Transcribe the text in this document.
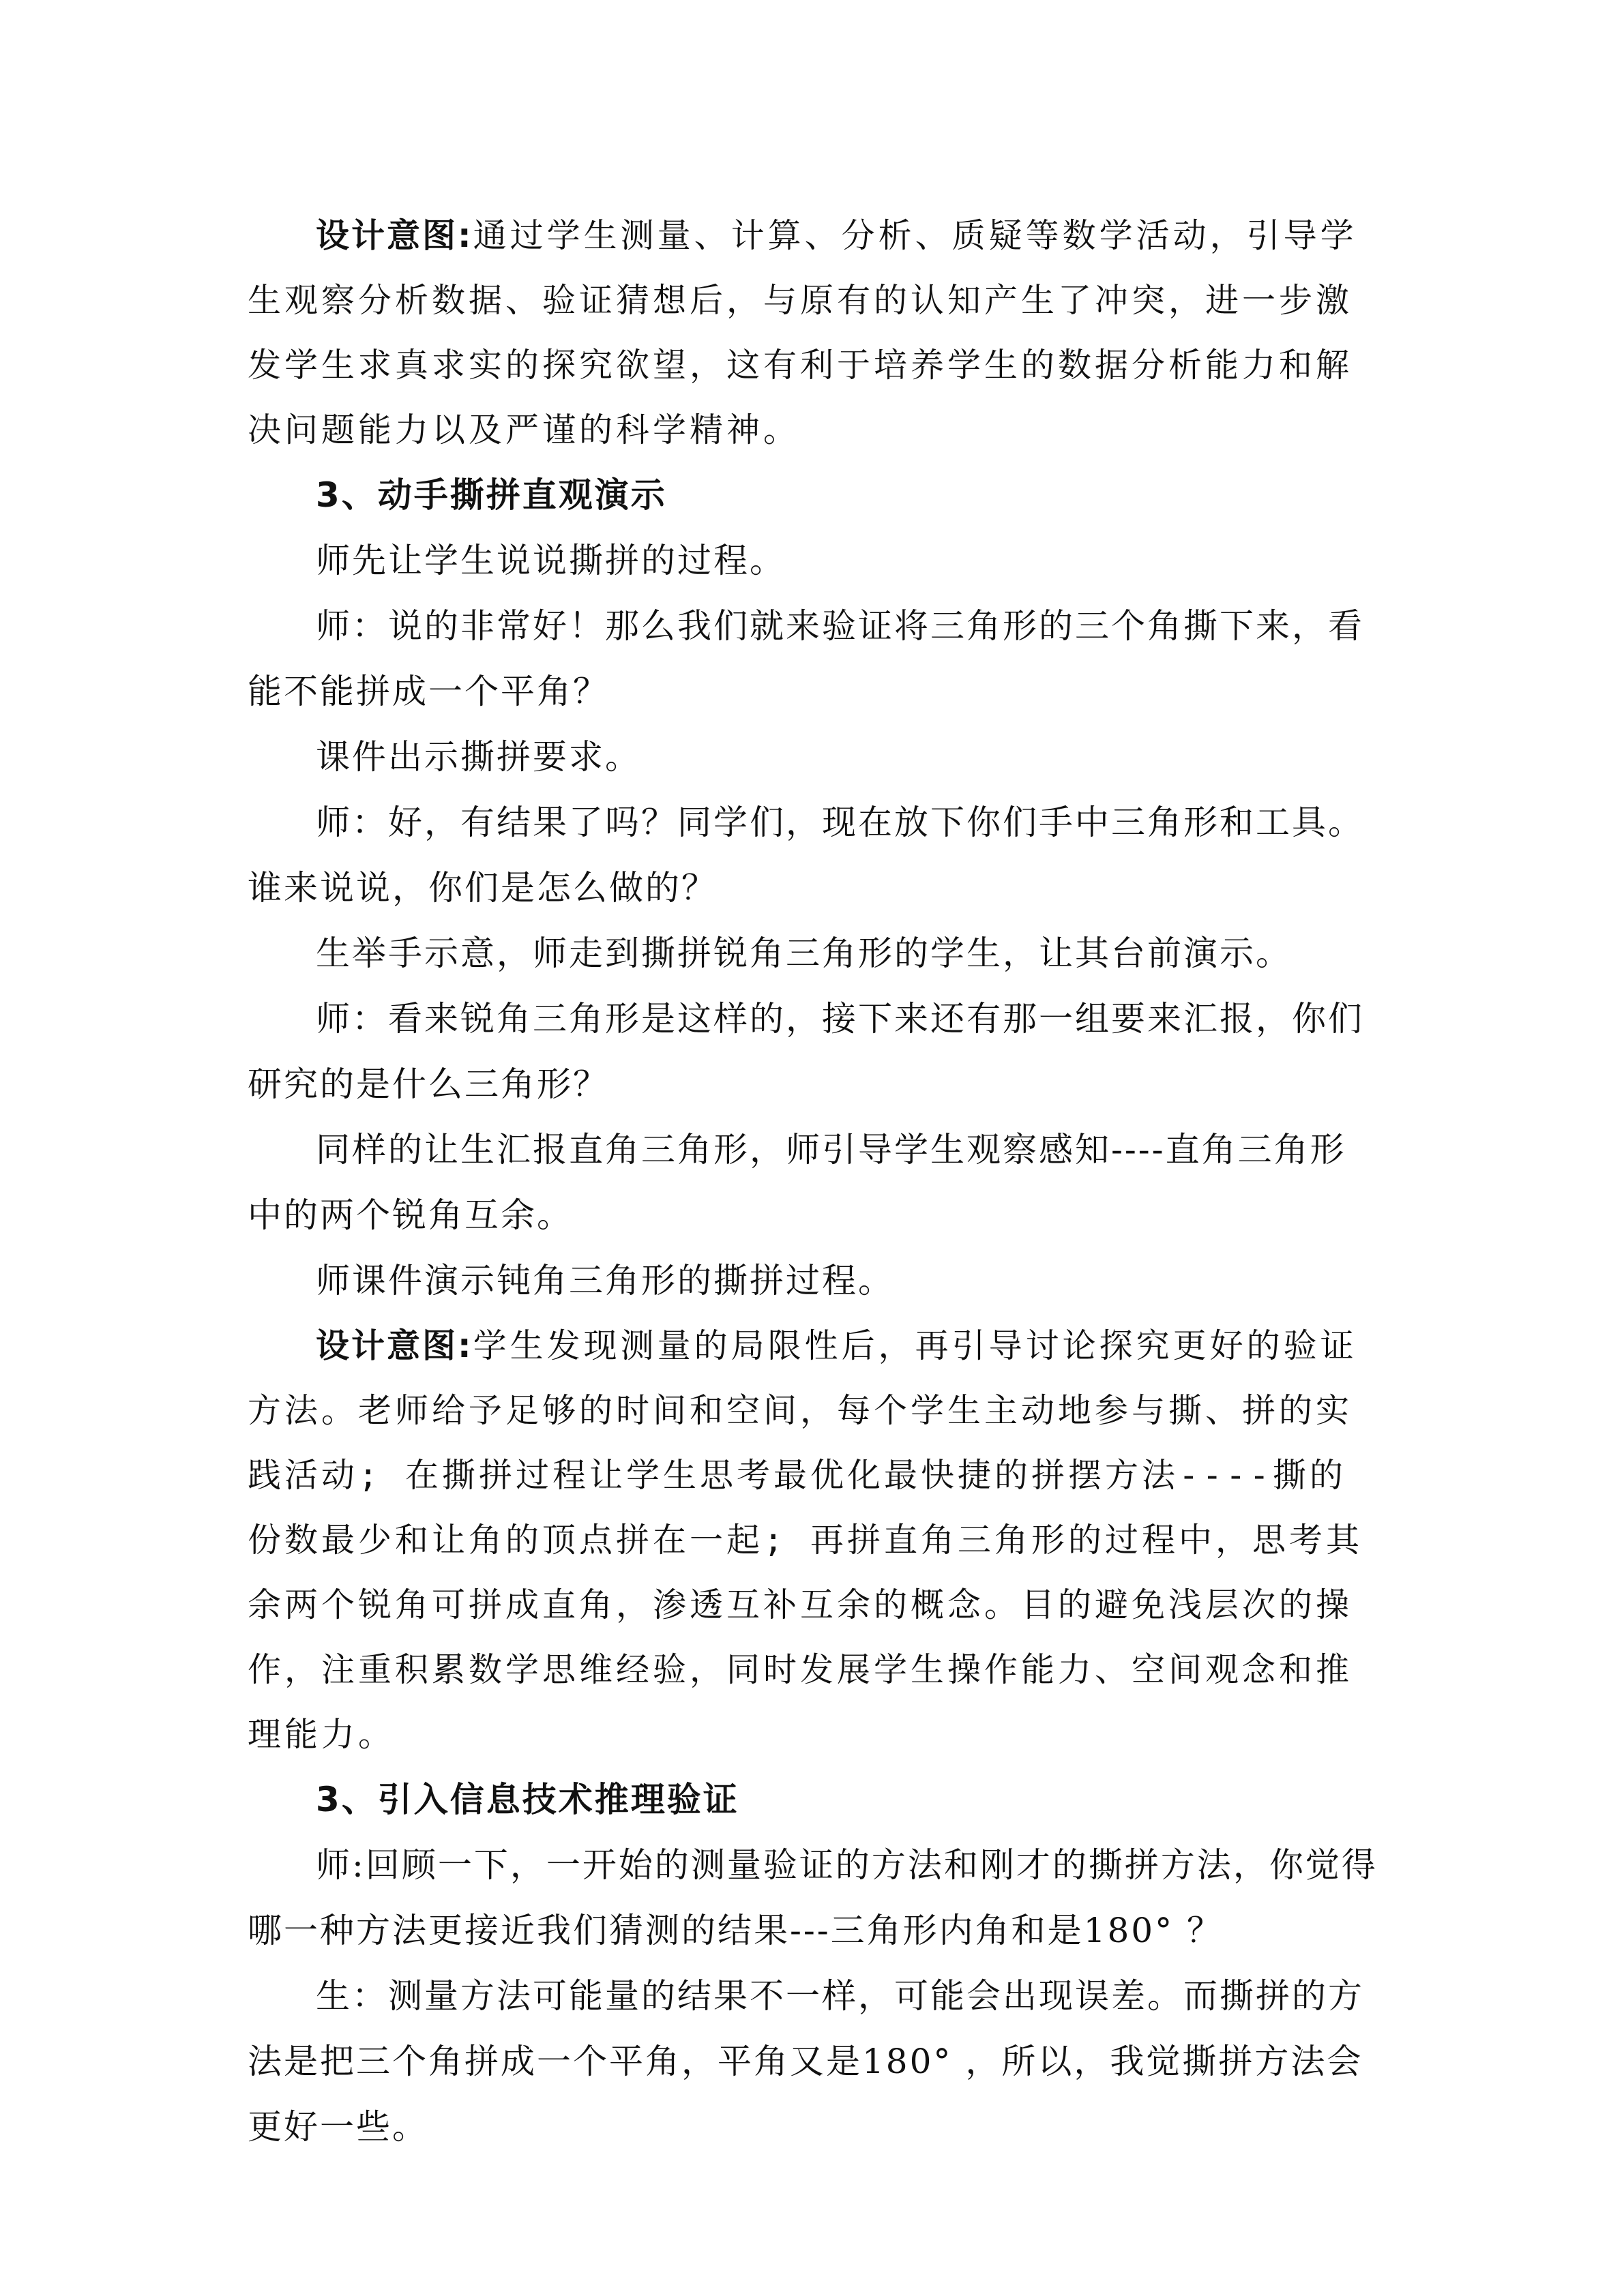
设计意图:通过学生测量、计算、分析、质疑等数学活动，引导学生观察分析数据、验证猜想后，与原有的认知产生了冲突，进一步激发学生求真求实的探究欲望，这有利于培养学生的数据分析能力和解决问题能力以及严谨的科学精神。

3、动手撕拼直观演示

师先让学生说说撕拼的过程。

师：说的非常好！那么我们就来验证将三角形的三个角撕下来，看能不能拼成一个平角？

课件出示撕拼要求。

师：好，有结果了吗？同学们，现在放下你们手中三角形和工具。谁来说说，你们是怎么做的？

生举手示意，师走到撕拼锐角三角形的学生，让其台前演示。

师：看来锐角三角形是这样的，接下来还有那一组要来汇报，你们研究的是什么三角形？

同样的让生汇报直角三角形，师引导学生观察感知----直角三角形中的两个锐角互余。

师课件演示钝角三角形的撕拼过程。

设计意图:学生发现测量的局限性后，再引导讨论探究更好的验证方法。老师给予足够的时间和空间，每个学生主动地参与撕、拼的实践活动; 在撕拼过程让学生思考最优化最快捷的拼摆方法----撕的份数最少和让角的顶点拼在一起; 再拼直角三角形的过程中，思考其余两个锐角可拼成直角，渗透互补互余的概念。目的避免浅层次的操作，注重积累数学思维经验，同时发展学生操作能力、空间观念和推理能力。

3、引入信息技术推理验证

师:回顾一下，一开始的测量验证的方法和刚才的撕拼方法，你觉得哪一种方法更接近我们猜测的结果---三角形内角和是180° ？

生：测量方法可能量的结果不一样，可能会出现误差。而撕拼的方法是把三个角拼成一个平角，平角又是180° ，所以，我觉撕拼方法会更好一些。
